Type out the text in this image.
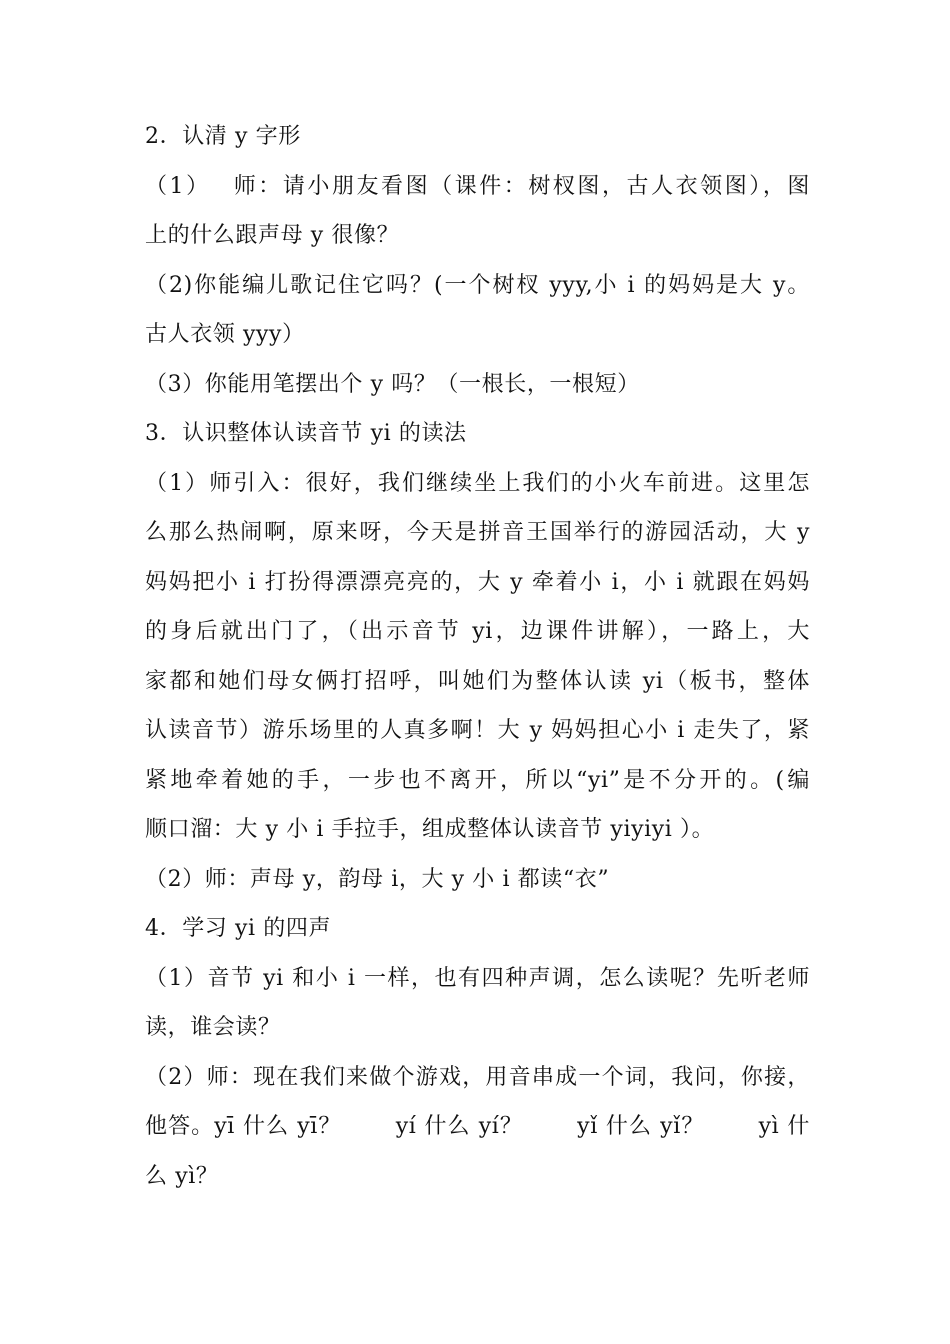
2．认清 y 字形
（1）　 师：请小朋友看图（课件：树杈图，古人衣领图），图
上的什么跟声母 y 很像？
（2)你能编儿歌记住它吗？(一个树杈 yyy,小 i 的妈妈是大 y。
古人衣领 yyy）
（3）你能用笔摆出个 y 吗？（一根长，一根短）
3．认识整体认读音节 yi 的读法
（1）师引入：很好，我们继续坐上我们的小火车前进。这里怎
么那么热闹啊，原来呀，今天是拼音王国举行的游园活动，大 y
妈妈把小 i 打扮得漂漂亮亮的，大 y 牵着小 i，小 i 就跟在妈妈
的身后就出门了，（出示音节 yi，边课件讲解），一路上，大
家都和她们母女俩打招呼，叫她们为整体认读 yi（板书，整体
认读音节）游乐场里的人真多啊！大 y 妈妈担心小 i 走失了，紧
紧地牵着她的手，一步也不离开，所以“yi”是不分开的。(编
顺口溜：大 y 小 i 手拉手，组成整体认读音节 yiyiyi ）。
（2）师：声母 y，韵母 i，大 y 小 i 都读“衣”
4．学习 yi 的四声
（1）音节 yi 和小 i 一样，也有四种声调，怎么读呢？先听老师
读，谁会读？
（2）师：现在我们来做个游戏，用音串成一个词，我问，你接，
他答。yī 什么 yī？　　 yí 什么 yí？　　 yǐ 什么 yǐ？　　 yì 什
么 yì？
